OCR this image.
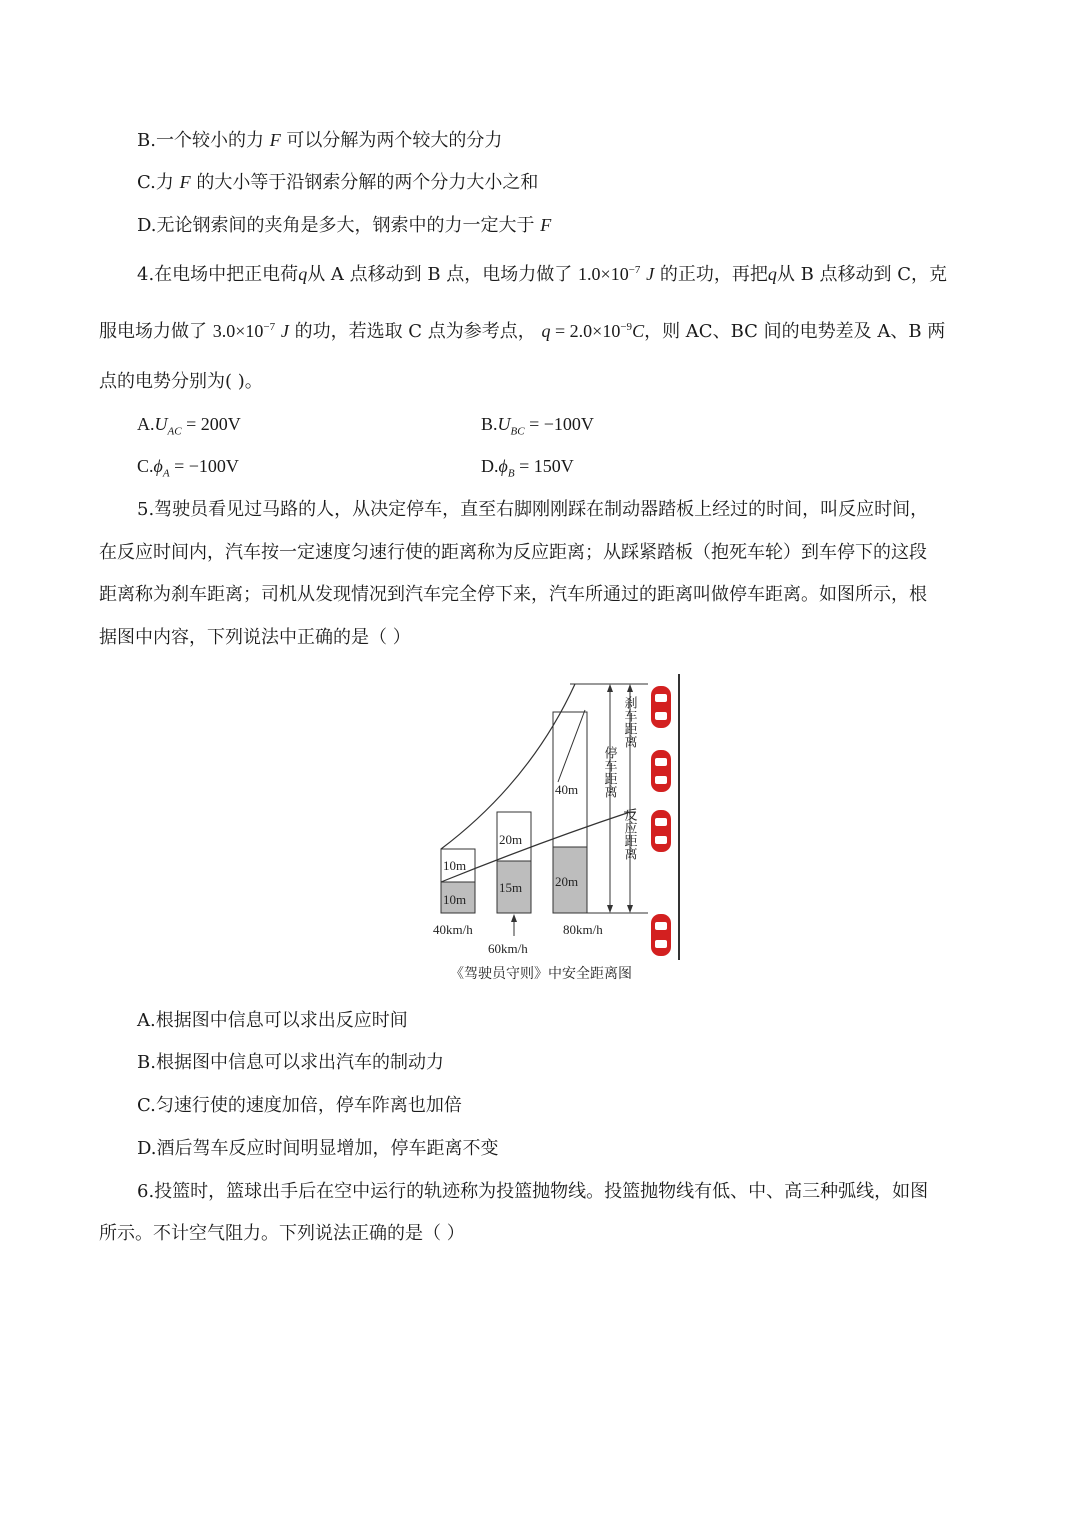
B.一个较小的力 F 可以分解为两个较大的分力
C.力 F 的大小等于沿钢索分解的两个分力大小之和
D.无论钢索间的夹角是多大，钢索中的力一定大于 F
4.在电场中把正电荷q从 A 点移动到 B 点，电场力做了 $1.0\times 10^{-7}$ J 的正功，再把q从 B 点移动到 C，克
服电场力做了 $3.0\times 10^{-7}$ J 的功，若选取 C 点为参考点， $q = 2.0\times 10^{-9}C$，则 AC、BC 间的电势差及 A、B 两
点的电势分别为( )。
$A.U_{AC} = 200V$	$B.U_{BC} = -100V$
$C.\phi_A = -100V$	$D.\phi_B = 150V$
5.驾驶员看见过马路的人，从决定停车，直至右脚刚刚踩在制动器踏板上经过的时间，叫反应时间，
在反应时间内，汽车按一定速度匀速行使的距离称为反应距离；从踩紧踏板（抱死车轮）到车停下的这段
距离称为刹车距离；司机从发现情况到汽车完全停下来，汽车所通过的距离叫做停车距离。如图所示，根
据图中内容，下列说法中正确的是（ ）
10m
10m
20m
15m
40m
20m
刹车距离
停车距离
反应距离
40km/h
60km/h
80km/h
《驾驶员守则》中安全距离图
A.根据图中信息可以求出反应时间
B.根据图中信息可以求出汽车的制动力
C.匀速行使的速度加倍，停车阼离也加倍
D.酒后驾车反应时间明显增加，停车距离不变
6.投篮时，篮球出手后在空中运行的轨迹称为投篮抛物线。投篮抛物线有低、中、高三种弧线，如图
所示。不计空气阻力。下列说法正确的是（ ）
